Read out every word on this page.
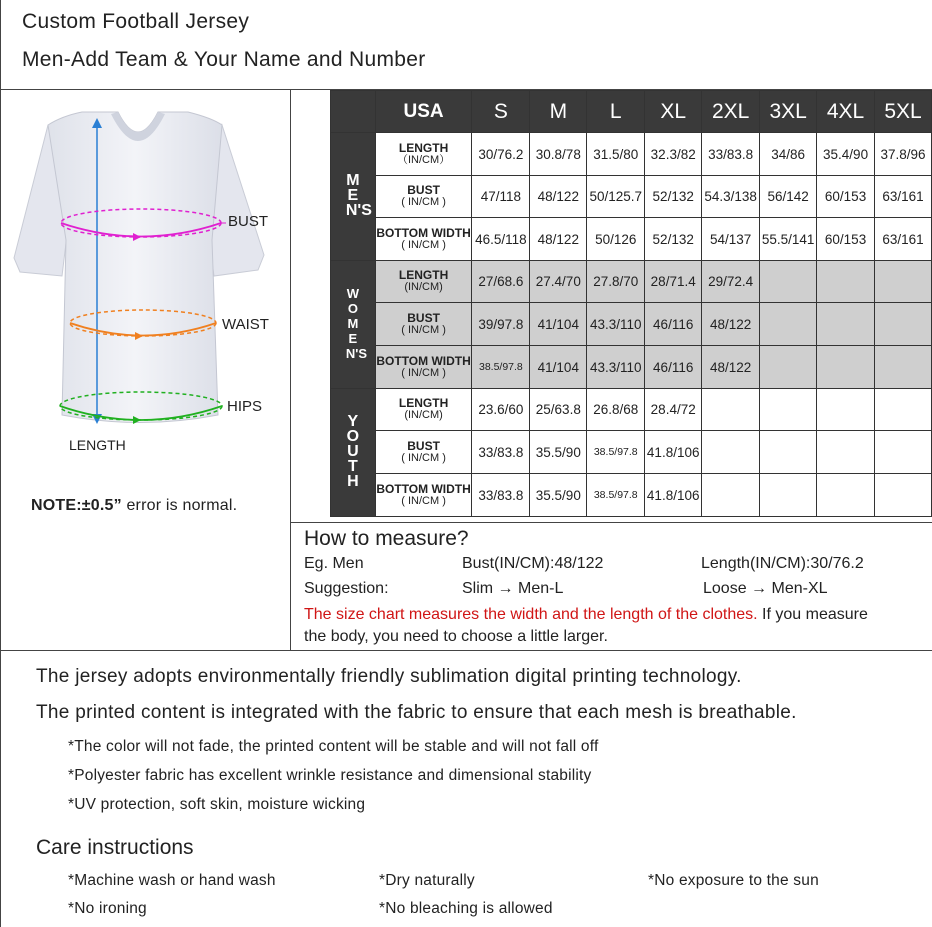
Custom Football Jersey
Men-Add Team & Your Name and Number
BUST
WAIST
HIPS
LENGTH
NOTE:±0.5” error is normal.
	USA	S	M	L	XL	2XL	3XL	4XL	5XL
MEN'S	LENGTH
（IN/CM）	30/76.2	30.8/78	31.5/80	32.3/82	33/83.8	34/86	35.4/90	37.8/96

	BUST
( IN/CM )	47/118	48/122	50/125.7	52/132	54.3/138	56/142	60/153	63/161

	BOTTOM WIDTH
( IN/CM )	46.5/118	48/122	50/126	52/132	54/137	55.5/141	60/153	63/161
WOMEN'S	LENGTH
(IN/CM)	27/68.6	27.4/70	27.8/70	28/71.4	29/72.4			

	BUST
( IN/CM )	39/97.8	41/104	43.3/110	46/116	48/122			

	BOTTOM WIDTH
( IN/CM )	38.5/97.8	41/104	43.3/110	46/116	48/122			
YOUTH	LENGTH
(IN/CM)	23.6/60	25/63.8	26.8/68	28.4/72				

	BUST
( IN/CM )	33/83.8	35.5/90	38.5/97.8	41.8/106				

	BOTTOM WIDTH
( IN/CM )	33/83.8	35.5/90	38.5/97.8	41.8/106				
How to measure?
Eg. Men	Bust(IN/CM):48/122	Length(IN/CM):30/76.2
Suggestion:	Slim → Men-L	Loose → Men-XL
The size chart measures the width and the length of the clothes. If you measure
the body, you need to choose a little larger.
The jersey adopts environmentally friendly sublimation digital printing technology.
The printed content is integrated with the fabric to ensure that each mesh is breathable.
*The color will not fade, the printed content will be stable and will not fall off
*Polyester fabric has excellent wrinkle resistance and dimensional stability
*UV protection, soft skin, moisture wicking
Care instructions
*Machine wash or hand wash	*Dry naturally	*No exposure to the sun
*No ironing	*No bleaching is allowed
